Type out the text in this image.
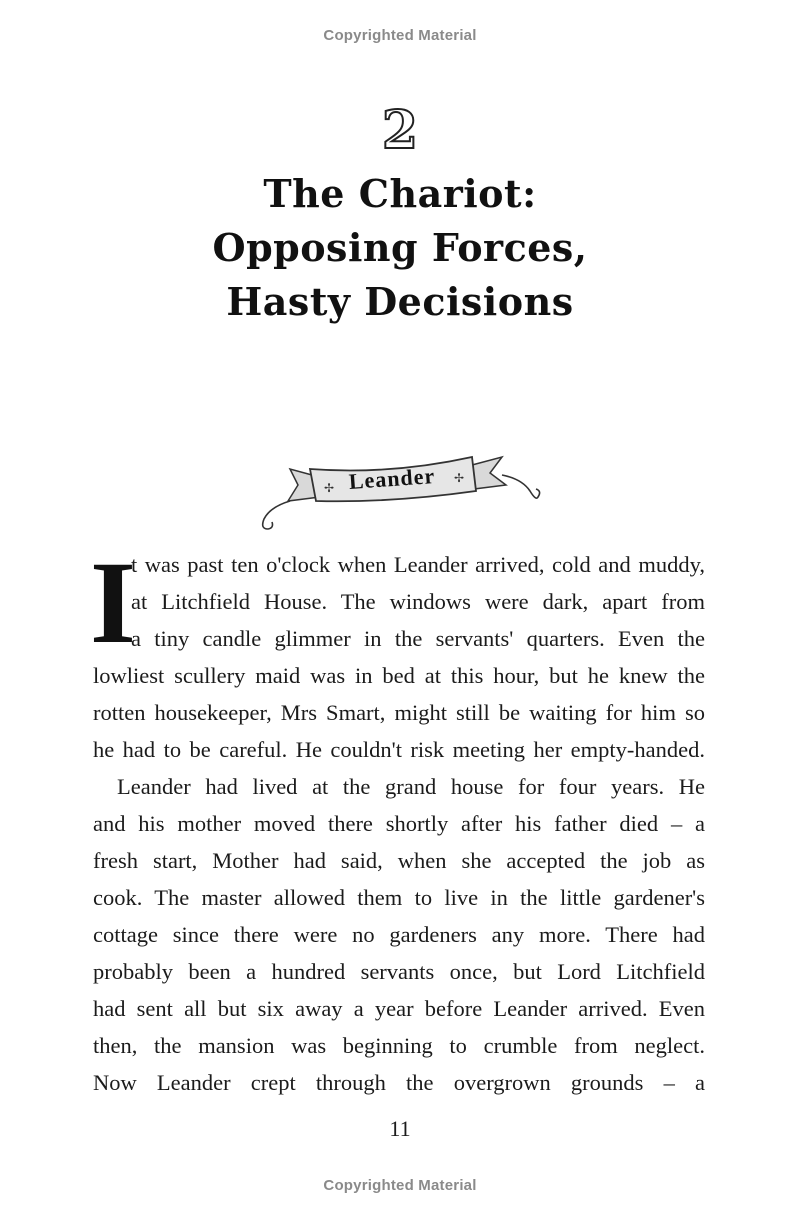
Copyrighted Material
2
The Chariot:
Opposing Forces,
Hasty Decisions
✢
✢
Leander
I
t was past ten o'clock when Leander arrived, cold and muddy,
at Litchfield House. The windows were dark, apart from
a tiny candle glimmer in the servants' quarters. Even the
lowliest scullery maid was in bed at this hour, but he knew the
rotten housekeeper, Mrs Smart, might still be waiting for him so
he had to be careful. He couldn't risk meeting her empty-handed.
Leander had lived at the grand house for four years. He
and his mother moved there shortly after his father died – a
fresh start, Mother had said, when she accepted the job as
cook. The master allowed them to live in the little gardener's
cottage since there were no gardeners any more. There had
probably been a hundred servants once, but Lord Litchfield
had sent all but six away a year before Leander arrived. Even
then, the mansion was beginning to crumble from neglect.
Now Leander crept through the overgrown grounds – a
11
Copyrighted Material
